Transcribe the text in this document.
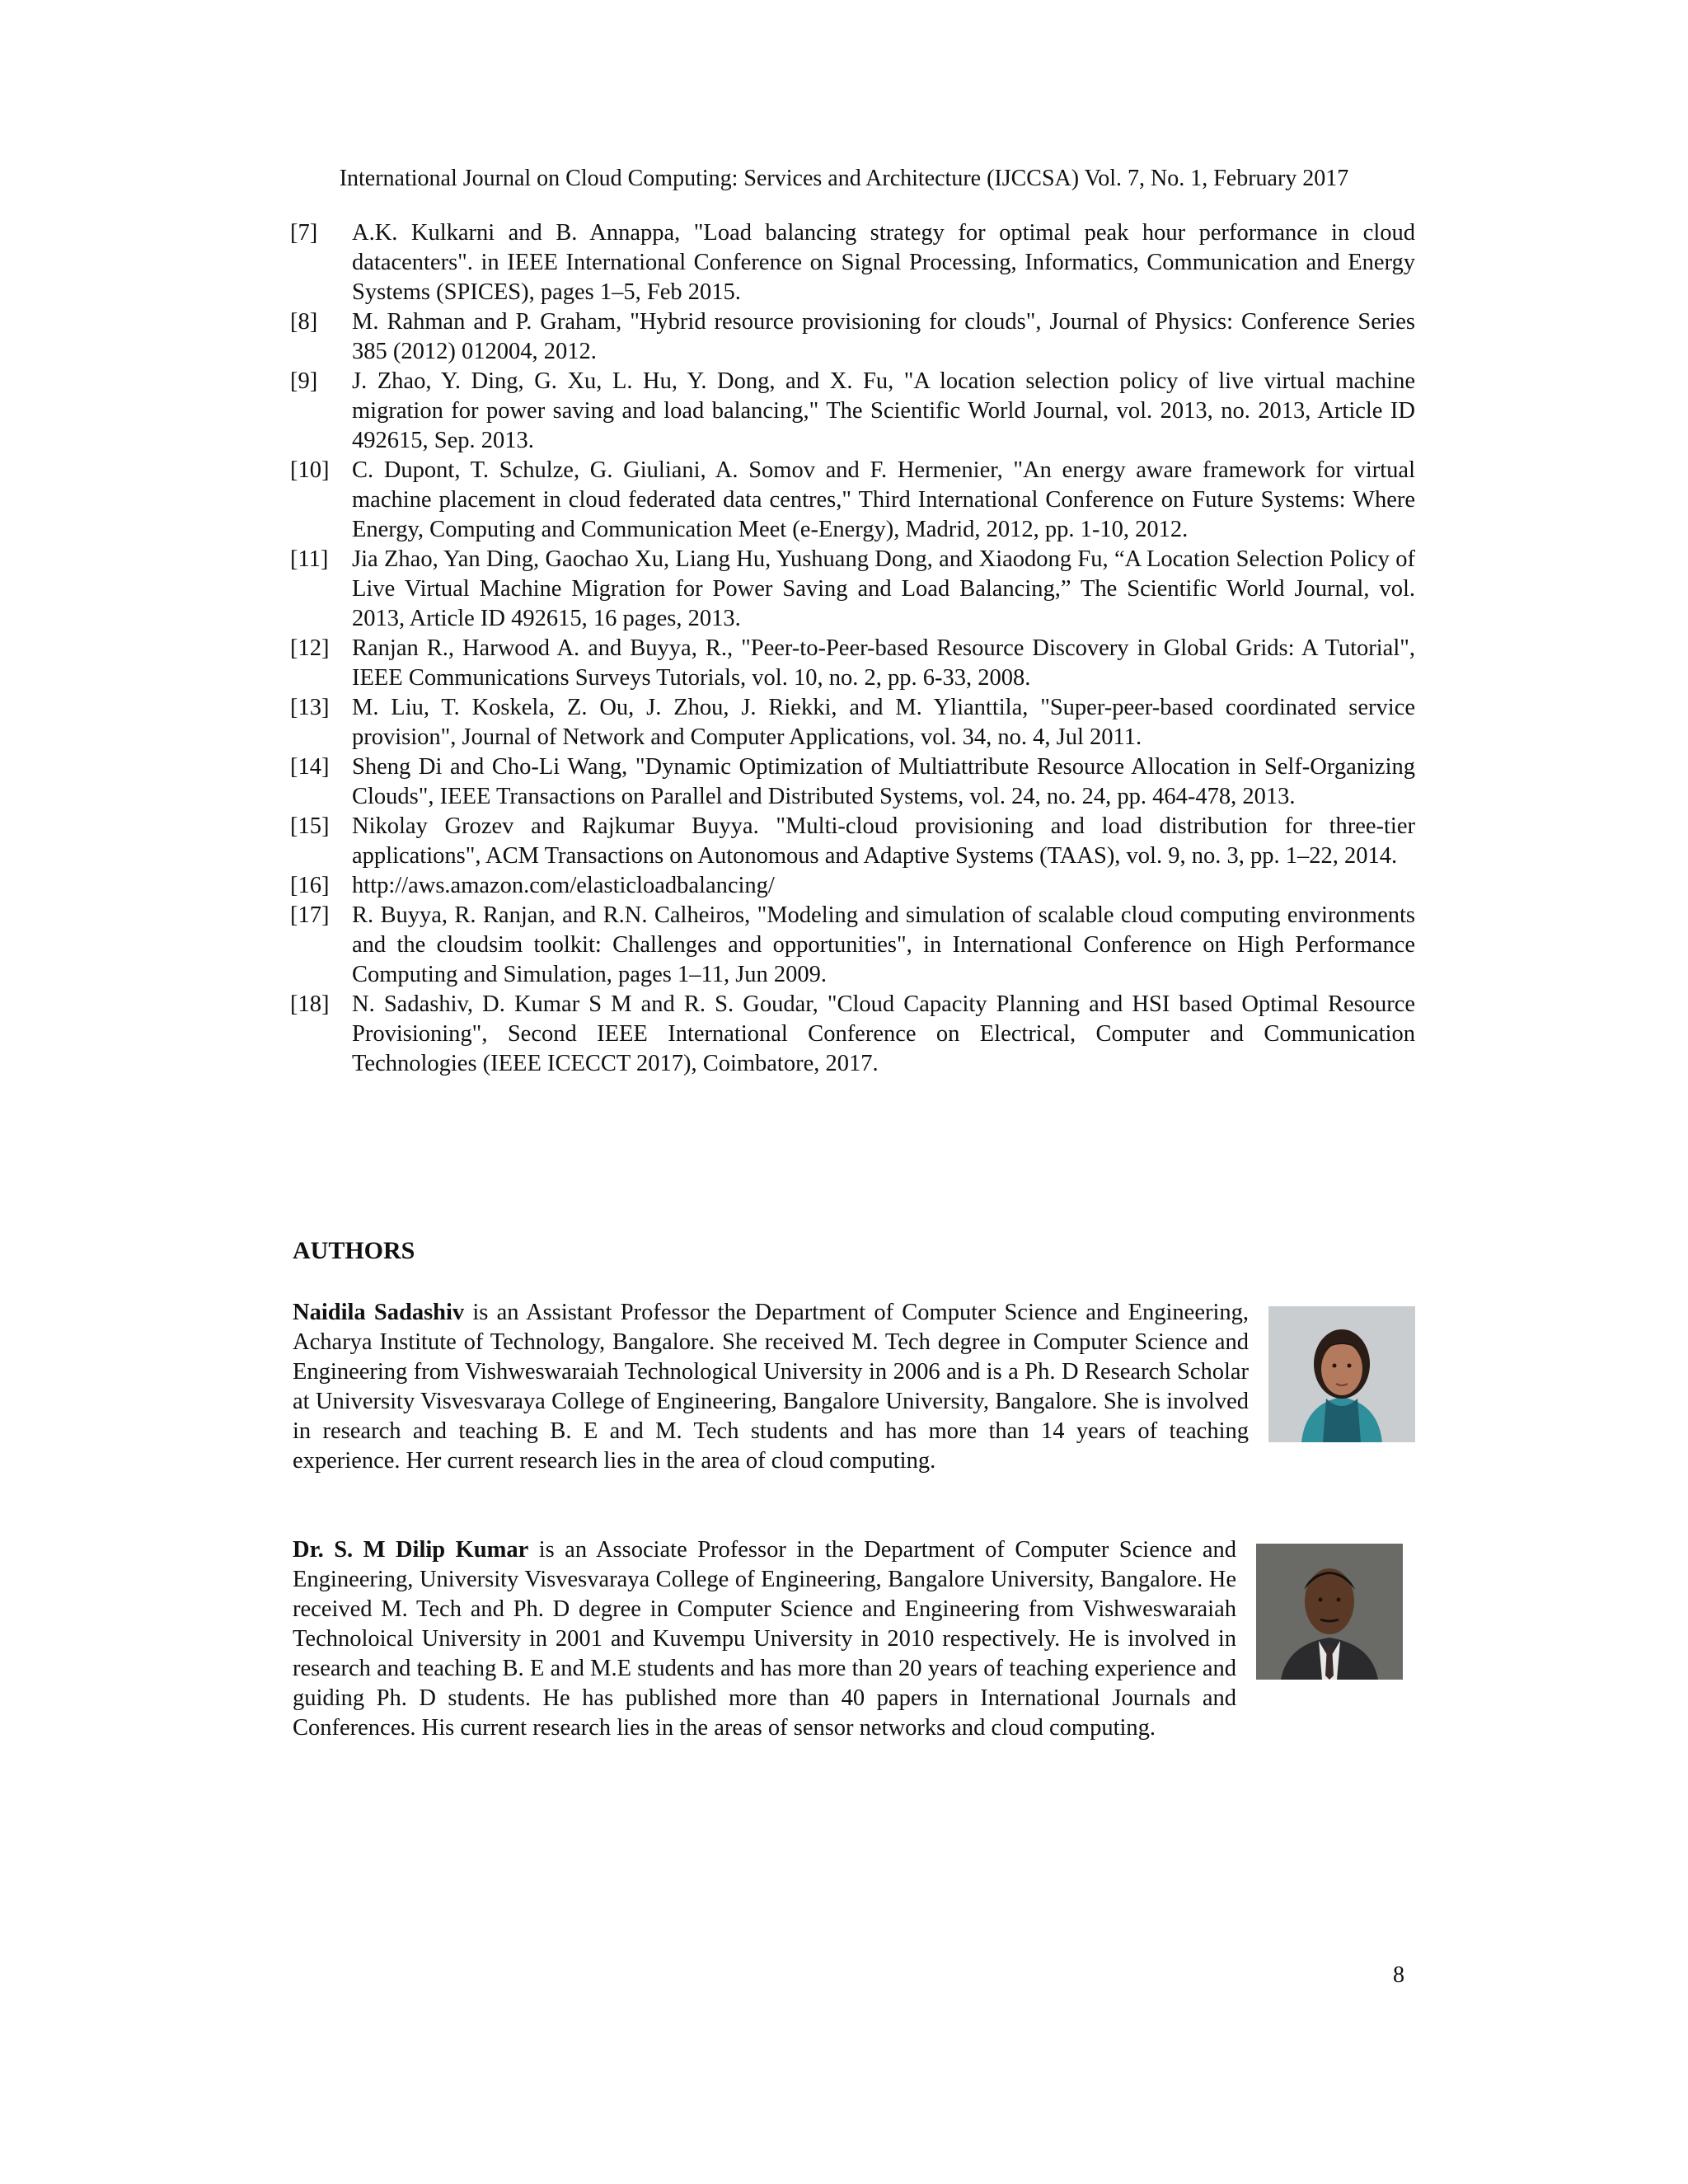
International Journal on Cloud Computing: Services and Architecture (IJCCSA) Vol. 7, No. 1, February 2017
[7] A.K. Kulkarni and B. Annappa, "Load balancing strategy for optimal peak hour performance in cloud datacenters". in IEEE International Conference on Signal Processing, Informatics, Communication and Energy Systems (SPICES), pages 1–5, Feb 2015.
[8] M. Rahman and P. Graham, "Hybrid resource provisioning for clouds", Journal of Physics: Conference Series 385 (2012) 012004, 2012.
[9] J. Zhao, Y. Ding, G. Xu, L. Hu, Y. Dong, and X. Fu, "A location selection policy of live virtual machine migration for power saving and load balancing," The Scientific World Journal, vol. 2013, no. 2013, Article ID 492615, Sep. 2013.
[10] C. Dupont, T. Schulze, G. Giuliani, A. Somov and F. Hermenier, "An energy aware framework for virtual machine placement in cloud federated data centres," Third International Conference on Future Systems: Where Energy, Computing and Communication Meet (e-Energy), Madrid, 2012, pp. 1-10, 2012.
[11] Jia Zhao, Yan Ding, Gaochao Xu, Liang Hu, Yushuang Dong, and Xiaodong Fu, “A Location Selection Policy of Live Virtual Machine Migration for Power Saving and Load Balancing,” The Scientific World Journal, vol. 2013, Article ID 492615, 16 pages, 2013.
[12] Ranjan R., Harwood A. and Buyya, R., "Peer-to-Peer-based Resource Discovery in Global Grids: A Tutorial", IEEE Communications Surveys Tutorials, vol. 10, no. 2, pp. 6-33, 2008.
[13] M. Liu, T. Koskela, Z. Ou, J. Zhou, J. Riekki, and M. Ylianttila, "Super-peer-based coordinated service provision", Journal of Network and Computer Applications, vol. 34, no. 4, Jul 2011.
[14] Sheng Di and Cho-Li Wang, "Dynamic Optimization of Multiattribute Resource Allocation in Self-Organizing Clouds", IEEE Transactions on Parallel and Distributed Systems, vol. 24, no. 24, pp. 464-478, 2013.
[15] Nikolay Grozev and Rajkumar Buyya. "Multi-cloud provisioning and load distribution for three-tier applications", ACM Transactions on Autonomous and Adaptive Systems (TAAS), vol. 9, no. 3, pp. 1–22, 2014.
[16] http://aws.amazon.com/elasticloadbalancing/
[17] R. Buyya, R. Ranjan, and R.N. Calheiros, "Modeling and simulation of scalable cloud computing environments and the cloudsim toolkit: Challenges and opportunities", in International Conference on High Performance Computing and Simulation, pages 1–11, Jun 2009.
[18] N. Sadashiv, D. Kumar S M and R. S. Goudar, "Cloud Capacity Planning and HSI based Optimal Resource Provisioning", Second IEEE International Conference on Electrical, Computer and Communication Technologies (IEEE ICECCT 2017), Coimbatore, 2017.
AUTHORS
Naidila Sadashiv is an Assistant Professor the Department of Computer Science and Engineering, Acharya Institute of Technology, Bangalore. She received M. Tech degree in Computer Science and Engineering from Vishweswaraiah Technological University in 2006 and is a Ph. D Research Scholar at University Visvesvaraya College of Engineering, Bangalore University, Bangalore. She is involved in research and teaching B. E and M. Tech students and has more than 14 years of teaching experience. Her current research lies in the area of cloud computing.
Dr. S. M Dilip Kumar is an Associate Professor in the Department of Computer Science and Engineering, University Visvesvaraya College of Engineering, Bangalore University, Bangalore. He received M. Tech and Ph. D degree in Computer Science and Engineering from Vishweswaraiah Technoloical University in 2001 and Kuvempu University in 2010 respectively. He is involved in research and teaching B. E and M.E students and has more than 20 years of teaching experience and guiding Ph. D students. He has published more than 40 papers in International Journals and Conferences. His current research lies in the areas of sensor networks and cloud computing.
8
